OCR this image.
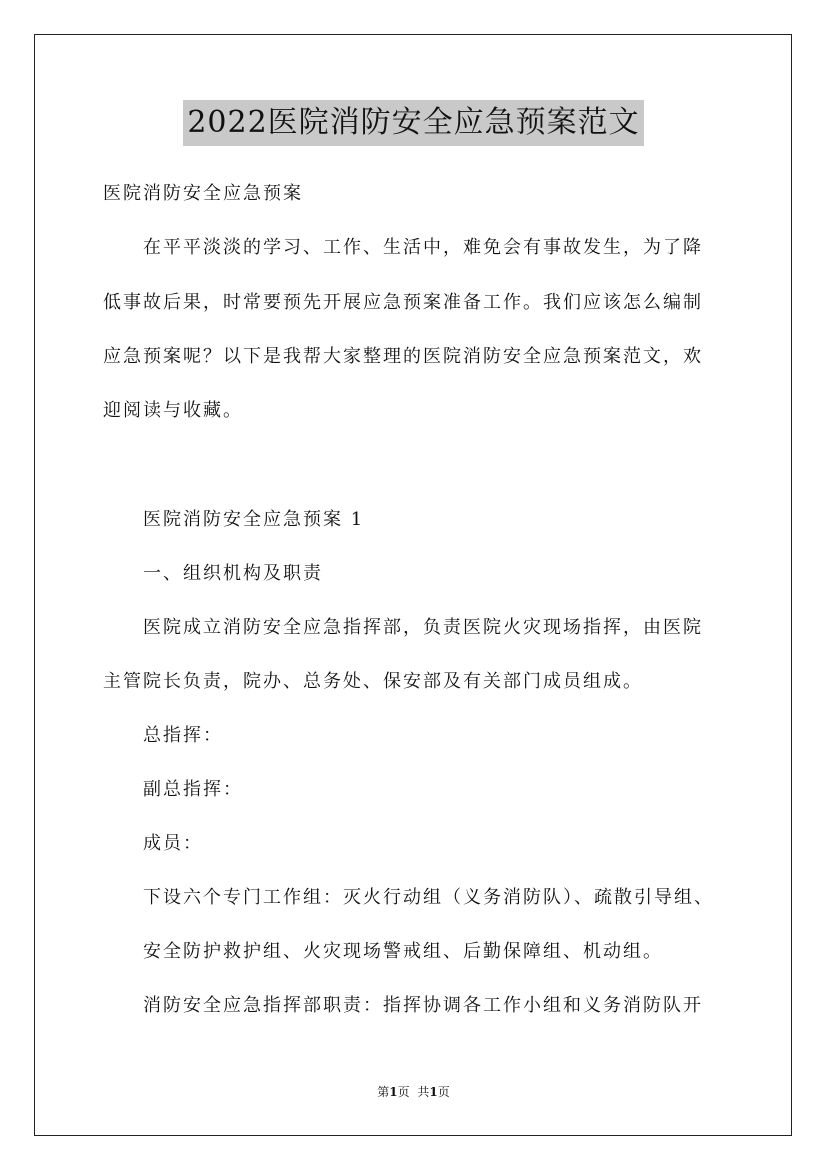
2022医院消防安全应急预案范文
医院消防安全应急预案
在平平淡淡的学习、工作、生活中，难免会有事故发生，为了降
低事故后果，时常要预先开展应急预案准备工作。我们应该怎么编制
应急预案呢？以下是我帮大家整理的医院消防安全应急预案范文，欢
迎阅读与收藏。
医院消防安全应急预案 1
一、组织机构及职责
医院成立消防安全应急指挥部，负责医院火灾现场指挥，由医院
主管院长负责，院办、总务处、保安部及有关部门成员组成。
总指挥：
副总指挥：
成员：
下设六个专门工作组：灭火行动组（义务消防队）、疏散引导组、
安全防护救护组、火灾现场警戒组、后勤保障组、机动组。
消防安全应急指挥部职责：指挥协调各工作小组和义务消防队开
第1页 共1页
